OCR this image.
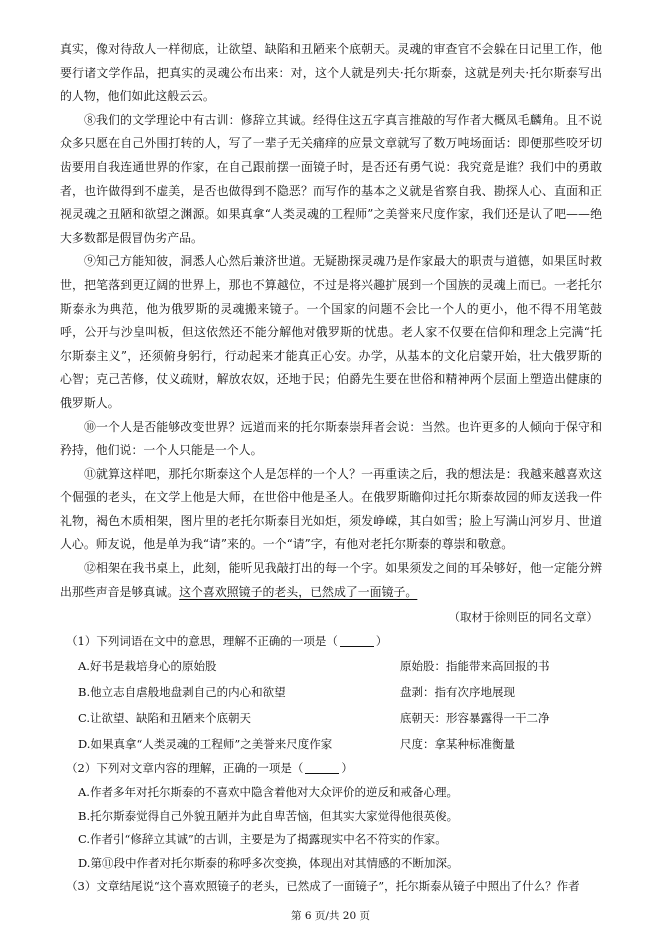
真实，像对待敌人一样彻底，让欲望、缺陷和丑陋来个底朝天。灵魂的审查官不会躲在日记里工作，他要行诸文学作品，把真实的灵魂公布出来：对，这个人就是列夫·托尔斯泰，这就是列夫·托尔斯泰写出的人物，他们如此这般云云。

⑧我们的文学理论中有古训：修辞立其诚。经得住这五字真言推敲的写作者大概凤毛麟角。且不说众多只愿在自己外围打转的人，写了一辈子无关痛痒的应景文章就写了数万吨场面话：即便那些咬牙切齿要用自我连通世界的作家，在自己跟前摆一面镜子时，是否还有勇气说：我究竟是谁？我们中的勇敢者，也许做得到不虚美，是否也做得到不隐恶？而写作的基本之义就是省察自我、勘探人心、直面和正视灵魂之丑陋和欲望之渊源。如果真拿“人类灵魂的工程师”之美誉来尺度作家，我们还是认了吧——绝大多数都是假冒伪劣产品。

⑨知己方能知彼，洞悉人心然后兼济世道。无疑勘探灵魂乃是作家最大的职责与道德，如果匡时救世，把笔落到更辽阔的世界上，那也不算越位，不过是将兴趣扩展到一个国族的灵魂上而已。一老托尔斯泰永为典范，他为俄罗斯的灵魂搬来镜子。一个国家的问题不会比一个人的更小，他不得不用笔鼓呼，公开与沙皇叫板，但这依然还不能分解他对俄罗斯的忧患。老人家不仅要在信仰和理念上完满“托尔斯泰主义”，还须俯身躬行，行动起来才能真正心安。办学，从基本的文化启蒙开始，壮大俄罗斯的心智；克己苦修，仗义疏财，解放农奴，还地于民；伯爵先生要在世俗和精神两个层面上塑造出健康的俄罗斯人。

⑩一个人是否能够改变世界？远道而来的托尔斯泰崇拜者会说：当然。也许更多的人倾向于保守和矜持，他们说：一个人只能是一个人。

⑪就算这样吧，那托尔斯泰这个人是怎样的一个人？一再重读之后，我的想法是：我越来越喜欢这个倔强的老头，在文学上他是大师，在世俗中他是圣人。在俄罗斯瞻仰过托尔斯泰故园的师友送我一件礼物，褐色木质相架，图片里的老托尔斯泰目光如炬，须发峥嵘，其白如雪；脸上写满山河岁月、世道人心。师友说，他是单为我“请”来的。一个“请”字，有他对老托尔斯泰的尊崇和敬意。

⑫相架在我书桌上，此刻，能听见我敲打出的每一个字。如果须发之间的耳朵够好，他一定能分辨出那些声音是够真诚。这个喜欢照镜子的老头，已然成了一面镜子。

（取材于徐则臣的同名文章）

（1）下列词语在文中的意思，理解不正确的一项是（	）

A.好书是栽培身心的原始股	原始股：指能带来高回报的书
B.他立志自虐般地盘剥自己的内心和欲望	盘剥：指有次序地展现
C.让欲望、缺陷和丑陋来个底朝天	底朝天：形容暴露得一干二净
D.如果真拿“人类灵魂的工程师”之美誉来尺度作家	尺度：拿某种标准衡量

（2）下列对文章内容的理解，正确的一项是（	）

A.作者多年对托尔斯泰的不喜欢中隐含着他对大众评价的逆反和戒备心理。

B.托尔斯泰觉得自己外貌丑陋并为此自卑苦恼，但其实大家觉得他很英俊。

C.作者引“修辞立其诚”的古训，主要是为了揭露现实中名不符实的作家。

D.第⑪段中作者对托尔斯泰的称呼多次变换，体现出对其情感的不断加深。

（3）文章结尾说“这个喜欢照镜子的老头，已然成了一面镜子”，托尔斯泰从镜子中照出了什么？作者

第 6 页/共 20 页
